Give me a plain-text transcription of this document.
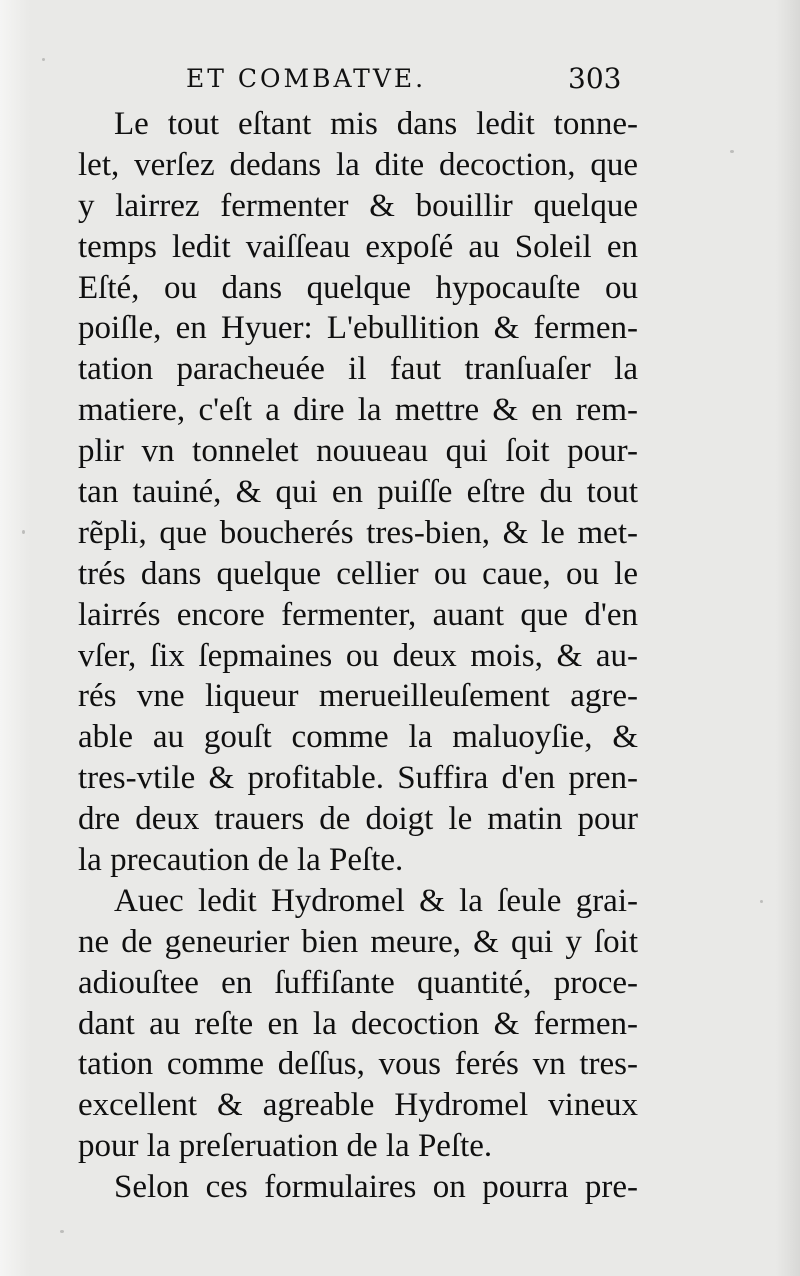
ET COMBATVE.	303
Le tout eſtant mis dans ledit tonne-
let, verſez dedans la dite decoction, que
y lairrez fermenter & bouillir quelque
temps ledit vaiſſeau expoſé au Soleil en
Eſté, ou dans quelque hypocauſte ou
poiſle, en Hyuer: L'ebullition & fermen-
tation paracheuée il faut tranſuaſer la
matiere, c'eſt a dire la mettre & en rem-
plir vn tonnelet nouueau qui ſoit pour-
tan tauiné, & qui en puiſſe eſtre du tout
rẽpli, que boucherés tres-bien, & le met-
trés dans quelque cellier ou caue, ou le
lairrés encore fermenter, auant que d'en
vſer, ſix ſepmaines ou deux mois, & au-
rés vne liqueur merueilleuſement agre-
able au gouſt comme la maluoyſie, &
tres-vtile & profitable. Suffira d'en pren-
dre deux trauers de doigt le matin pour
la precaution de la Peſte.
Auec ledit Hydromel & la ſeule grai-
ne de geneurier bien meure, & qui y ſoit
adiouſtee en ſuffiſante quantité, proce-
dant au reſte en la decoction & fermen-
tation comme deſſus, vous ferés vn tres-
excellent & agreable Hydromel vineux
pour la preſeruation de la Peſte.
Selon ces formulaires on pourra pre-
